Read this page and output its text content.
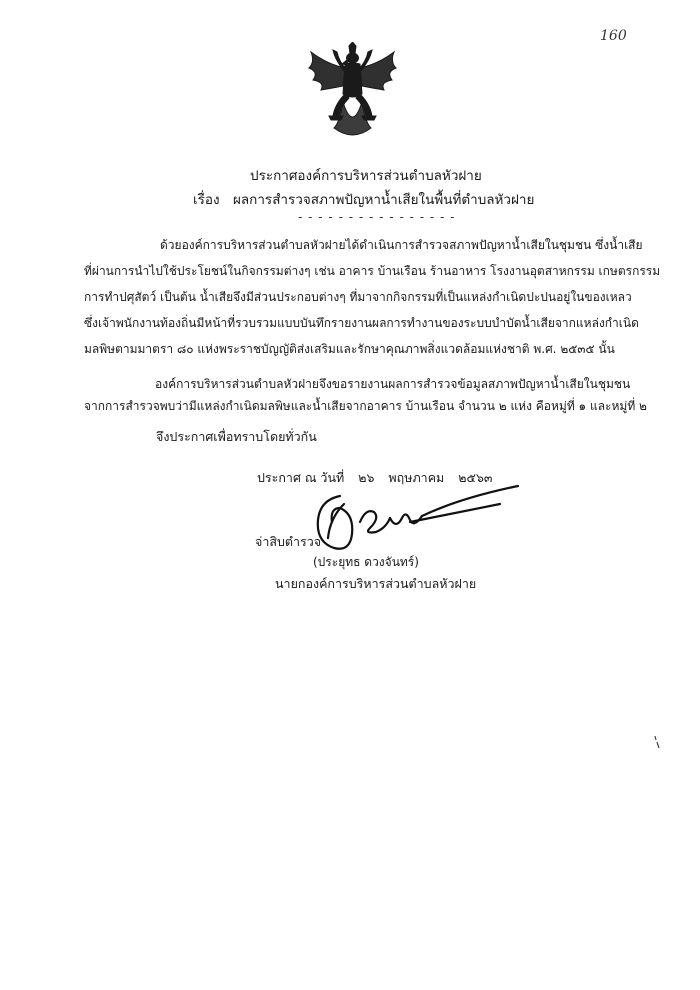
160
ประกาศองค์การบริหารส่วนตำบลหัวฝาย
เรื่อง ผลการสำรวจสภาพปัญหาน้ำเสียในพื้นที่ตำบลหัวฝาย
- - - - - - - - - - - - - - - -
ด้วยองค์การบริหารส่วนตำบลหัวฝายได้ดำเนินการสำรวจสภาพปัญหาน้ำเสียในชุมชน ซึ่งน้ำเสีย
ที่ผ่านการนำไปใช้ประโยชน์ในกิจกรรมต่างๆ เช่น อาคาร บ้านเรือน ร้านอาหาร โรงงานอุตสาหกรรม เกษตรกรรม
การทำปศุสัตว์ เป็นต้น น้ำเสียจึงมีส่วนประกอบต่างๆ ที่มาจากกิจกรรมที่เป็นแหล่งกำเนิดปะปนอยู่ในของเหลว
ซึ่งเจ้าพนักงานท้องถิ่นมีหน้าที่รวบรวมแบบบันทึกรายงานผลการทำงานของระบบบำบัดน้ำเสียจากแหล่งกำเนิด
มลพิษตามมาตรา ๘๐ แห่งพระราชบัญญัติส่งเสริมและรักษาคุณภาพสิ่งแวดล้อมแห่งชาติ พ.ศ. ๒๕๓๕ นั้น
องค์การบริหารส่วนตำบลหัวฝายจึงขอรายงานผลการสำรวจข้อมูลสภาพปัญหาน้ำเสียในชุมชน
จากการสำรวจพบว่ามีแหล่งกำเนิดมลพิษและน้ำเสียจากอาคาร บ้านเรือน จำนวน ๒ แห่ง คือหมู่ที่ ๑ และหมู่ที่ ๒
จึงประกาศเพื่อทราบโดยทั่วกัน
ประกาศ ณ วันที่ ๒๖ พฤษภาคม ๒๕๖๓
จ่าสิบตำรวจ
(ประยุทธ ดวงจันทร์)
นายกองค์การบริหารส่วนตำบลหัวฝาย
